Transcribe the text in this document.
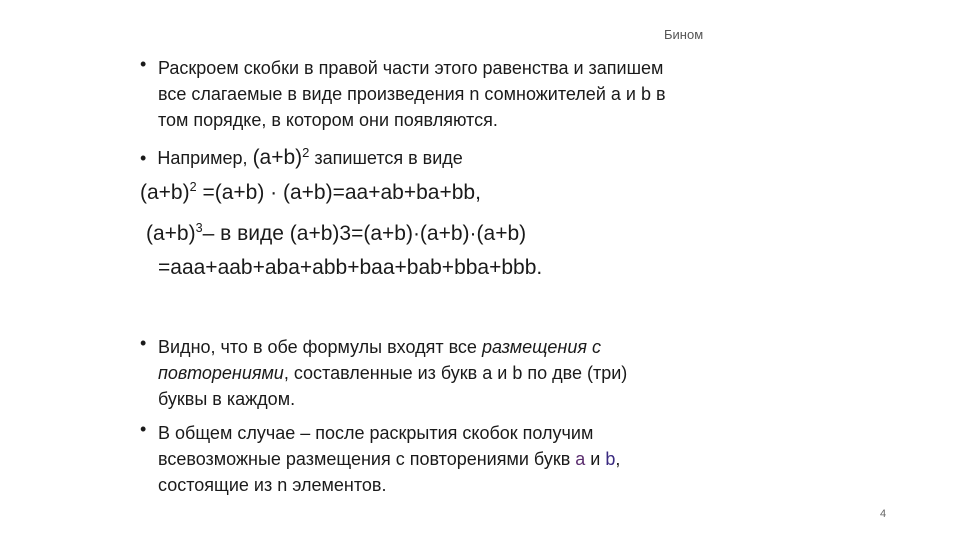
Бином
• Раскроем скобки в правой части этого равенства и запишем
все слагаемые в виде произведения n сомножителей a и b в
том порядке, в котором они появляются.
• Например, $(a+b)^2$ запишется в виде
$(a+b)^2 =(a+b) \cdot (a+b)=aa+ab+ba+bb$,
$(a+b)^3-$ в виде (a+b)3=(a+b)·(a+b)·(a+b)
=aaa+aab+aba+abb+baa+bab+bba+bbb.
• Видно, что в обе формулы входят все размещения с
повторениями, составленные из букв a и b по две (три)
буквы в каждом.
• В общем случае – после раскрытия скобок получим
всевозможные размещения с повторениями букв a и b,
состоящие из n элементов.
4
